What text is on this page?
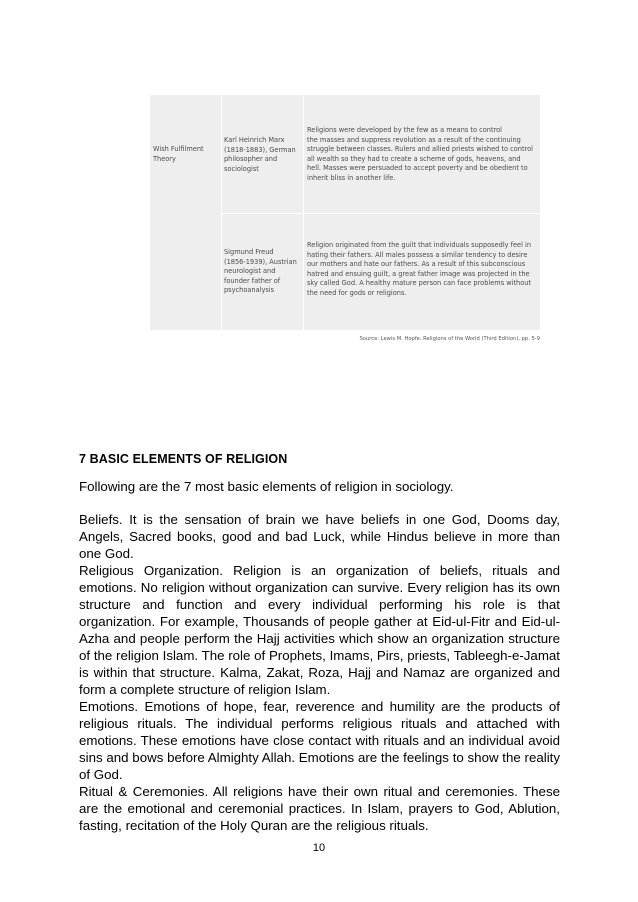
Wish Fulfilment
Theory
Karl Heinrich Marx
(1818-1883), German
philosopher and
sociologist
Religions were developed by the few as a means to control
the masses and suppress revolution as a result of the continuing
struggle between classes. Rulers and allied priests wished to control
all wealth so they had to create a scheme of gods, heavens, and
hell. Masses were persuaded to accept poverty and be obedient to
inherit bliss in another life.
Sigmund Freud
(1856-1939), Austrian
neurologist and
founder father of
psychoanalysis
Religion originated from the guilt that individuals supposedly feel in
hating their fathers. All males possess a similar tendency to desire
our mothers and hate our fathers. As a result of this subconscious
hatred and ensuing guilt, a great father image was projected in the
sky called God. A healthy mature person can face problems without
the need for gods or religions.
Source: Lewis M. Hopfe. Religions of the World (Third Edition), pp. 5-9
7 BASIC ELEMENTS OF RELIGION

Following are the 7 most basic elements of religion in sociology.

Beliefs. It is the sensation of brain we have beliefs in one God, Dooms day, Angels, Sacred books, good and bad Luck, while Hindus believe in more than one God.

Religious Organization. Religion is an organization of beliefs, rituals and emotions. No religion without organization can survive. Every religion has its own structure and function and every individual performing his role is that organization. For example, Thousands of people gather at Eid-ul-Fitr and Eid-ul-Azha and people perform the Hajj activities which show an organization structure of the religion Islam. The role of Prophets, Imams, Pirs, priests, Tableegh-e-Jamat is within that structure. Kalma, Zakat, Roza, Hajj and Namaz are organized and form a complete structure of religion Islam.

Emotions. Emotions of hope, fear, reverence and humility are the products of religious rituals. The individual performs religious rituals and attached with emotions. These emotions have close contact with rituals and an individual avoid sins and bows before Almighty Allah. Emotions are the feelings to show the reality of God.

Ritual & Ceremonies. All religions have their own ritual and ceremonies. These are the emotional and ceremonial practices. In Islam, prayers to God, Ablution, fasting, recitation of the Holy Quran are the religious rituals.

10
